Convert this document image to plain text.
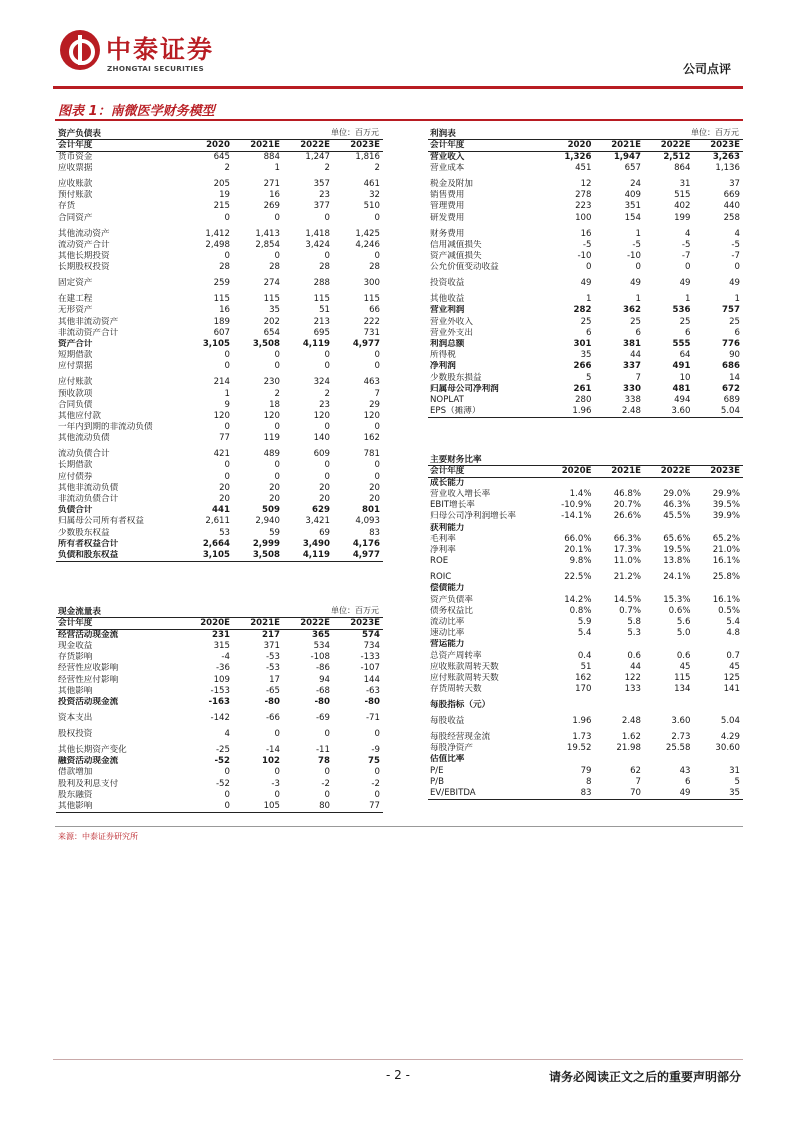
中泰证券
ZHONGTAI SECURITIES	公司点评
图表 1：南微医学财务模型
资产负债表	单位：百万元
会计年度	2020	2021E	2022E	2023E
货币资金	645	884	1,247	1,816
应收票据	2	1	2	2
应收账款	205	271	357	461
预付账款	19	16	23	32
存货	215	269	377	510
合同资产	0	0	0	0
其他流动资产	1,412	1,413	1,418	1,425
流动资产合计	2,498	2,854	3,424	4,246
其他长期投资	0	0	0	0
长期股权投资	28	28	28	28
固定资产	259	274	288	300
在建工程	115	115	115	115
无形资产	16	35	51	66
其他非流动资产	189	202	213	222
非流动资产合计	607	654	695	731
资产合计	3,105	3,508	4,119	4,977
短期借款	0	0	0	0
应付票据	0	0	0	0
应付账款	214	230	324	463
预收款项	1	2	2	7
合同负债	9	18	23	29
其他应付款	120	120	120	120
一年内到期的非流动负债	0	0	0	0
其他流动负债	77	119	140	162
流动负债合计	421	489	609	781
长期借款	0	0	0	0
应付债券	0	0	0	0
其他非流动负债	20	20	20	20
非流动负债合计	20	20	20	20
负债合计	441	509	629	801
归属母公司所有者权益	2,611	2,940	3,421	4,093
少数股东权益	53	59	69	83
所有者权益合计	2,664	2,999	3,490	4,176
负债和股东权益	3,105	3,508	4,119	4,977
利润表	单位：百万元
会计年度	2020	2021E	2022E	2023E
营业收入	1,326	1,947	2,512	3,263
营业成本	451	657	864	1,136
税金及附加	12	24	31	37
销售费用	278	409	515	669
管理费用	223	351	402	440
研发费用	100	154	199	258
财务费用	16	1	4	4
信用减值损失	-5	-5	-5	-5
资产减值损失	-10	-10	-7	-7
公允价值变动收益	0	0	0	0
投资收益	49	49	49	49
其他收益	1	1	1	1
营业利润	282	362	536	757
营业外收入	25	25	25	25
营业外支出	6	6	6	6
利润总额	301	381	555	776
所得税	35	44	64	90
净利润	266	337	491	686
少数股东损益	5	7	10	14
归属母公司净利润	261	330	481	672
NOPLAT	280	338	494	689
EPS（摊薄）	1.96	2.48	3.60	5.04
主要财务比率
会计年度	2020E	2021E	2022E	2023E
成长能力				
营业收入增长率	1.4%	46.8%	29.0%	29.9%
EBIT增长率	-10.9%	20.7%	46.3%	39.5%
归母公司净利润增长率	-14.1%	26.6%	45.5%	39.9%
获利能力				
毛利率	66.0%	66.3%	65.6%	65.2%
净利率	20.1%	17.3%	19.5%	21.0%
ROE	9.8%	11.0%	13.8%	16.1%
ROIC	22.5%	21.2%	24.1%	25.8%
偿债能力				
资产负债率	14.2%	14.5%	15.3%	16.1%
债务权益比	0.8%	0.7%	0.6%	0.5%
流动比率	5.9	5.8	5.6	5.4
速动比率	5.4	5.3	5.0	4.8
营运能力				
总资产周转率	0.4	0.6	0.6	0.7
应收账款周转天数	51	44	45	45
应付账款周转天数	162	122	115	125
存货周转天数	170	133	134	141
每股指标（元）				
每股收益	1.96	2.48	3.60	5.04
每股经营现金流	1.73	1.62	2.73	4.29
每股净资产	19.52	21.98	25.58	30.60
估值比率				
P/E	79	62	43	31
P/B	8	7	6	5
EV/EBITDA	83	70	49	35
现金流量表	单位：百万元
会计年度	2020E	2021E	2022E	2023E
经营活动现金流	231	217	365	574
现金收益	315	371	534	734
存货影响	-4	-53	-108	-133
经营性应收影响	-36	-53	-86	-107
经营性应付影响	109	17	94	144
其他影响	-153	-65	-68	-63
投资活动现金流	-163	-80	-80	-80
资本支出	-142	-66	-69	-71
股权投资	4	0	0	0
其他长期资产变化	-25	-14	-11	-9
融资活动现金流	-52	102	78	75
借款增加	0	0	0	0
股利及利息支付	-52	-3	-2	-2
股东融资	0	0	0	0
其他影响	0	105	80	77
来源：中泰证券研究所
- 2 -	请务必阅读正文之后的重要声明部分
